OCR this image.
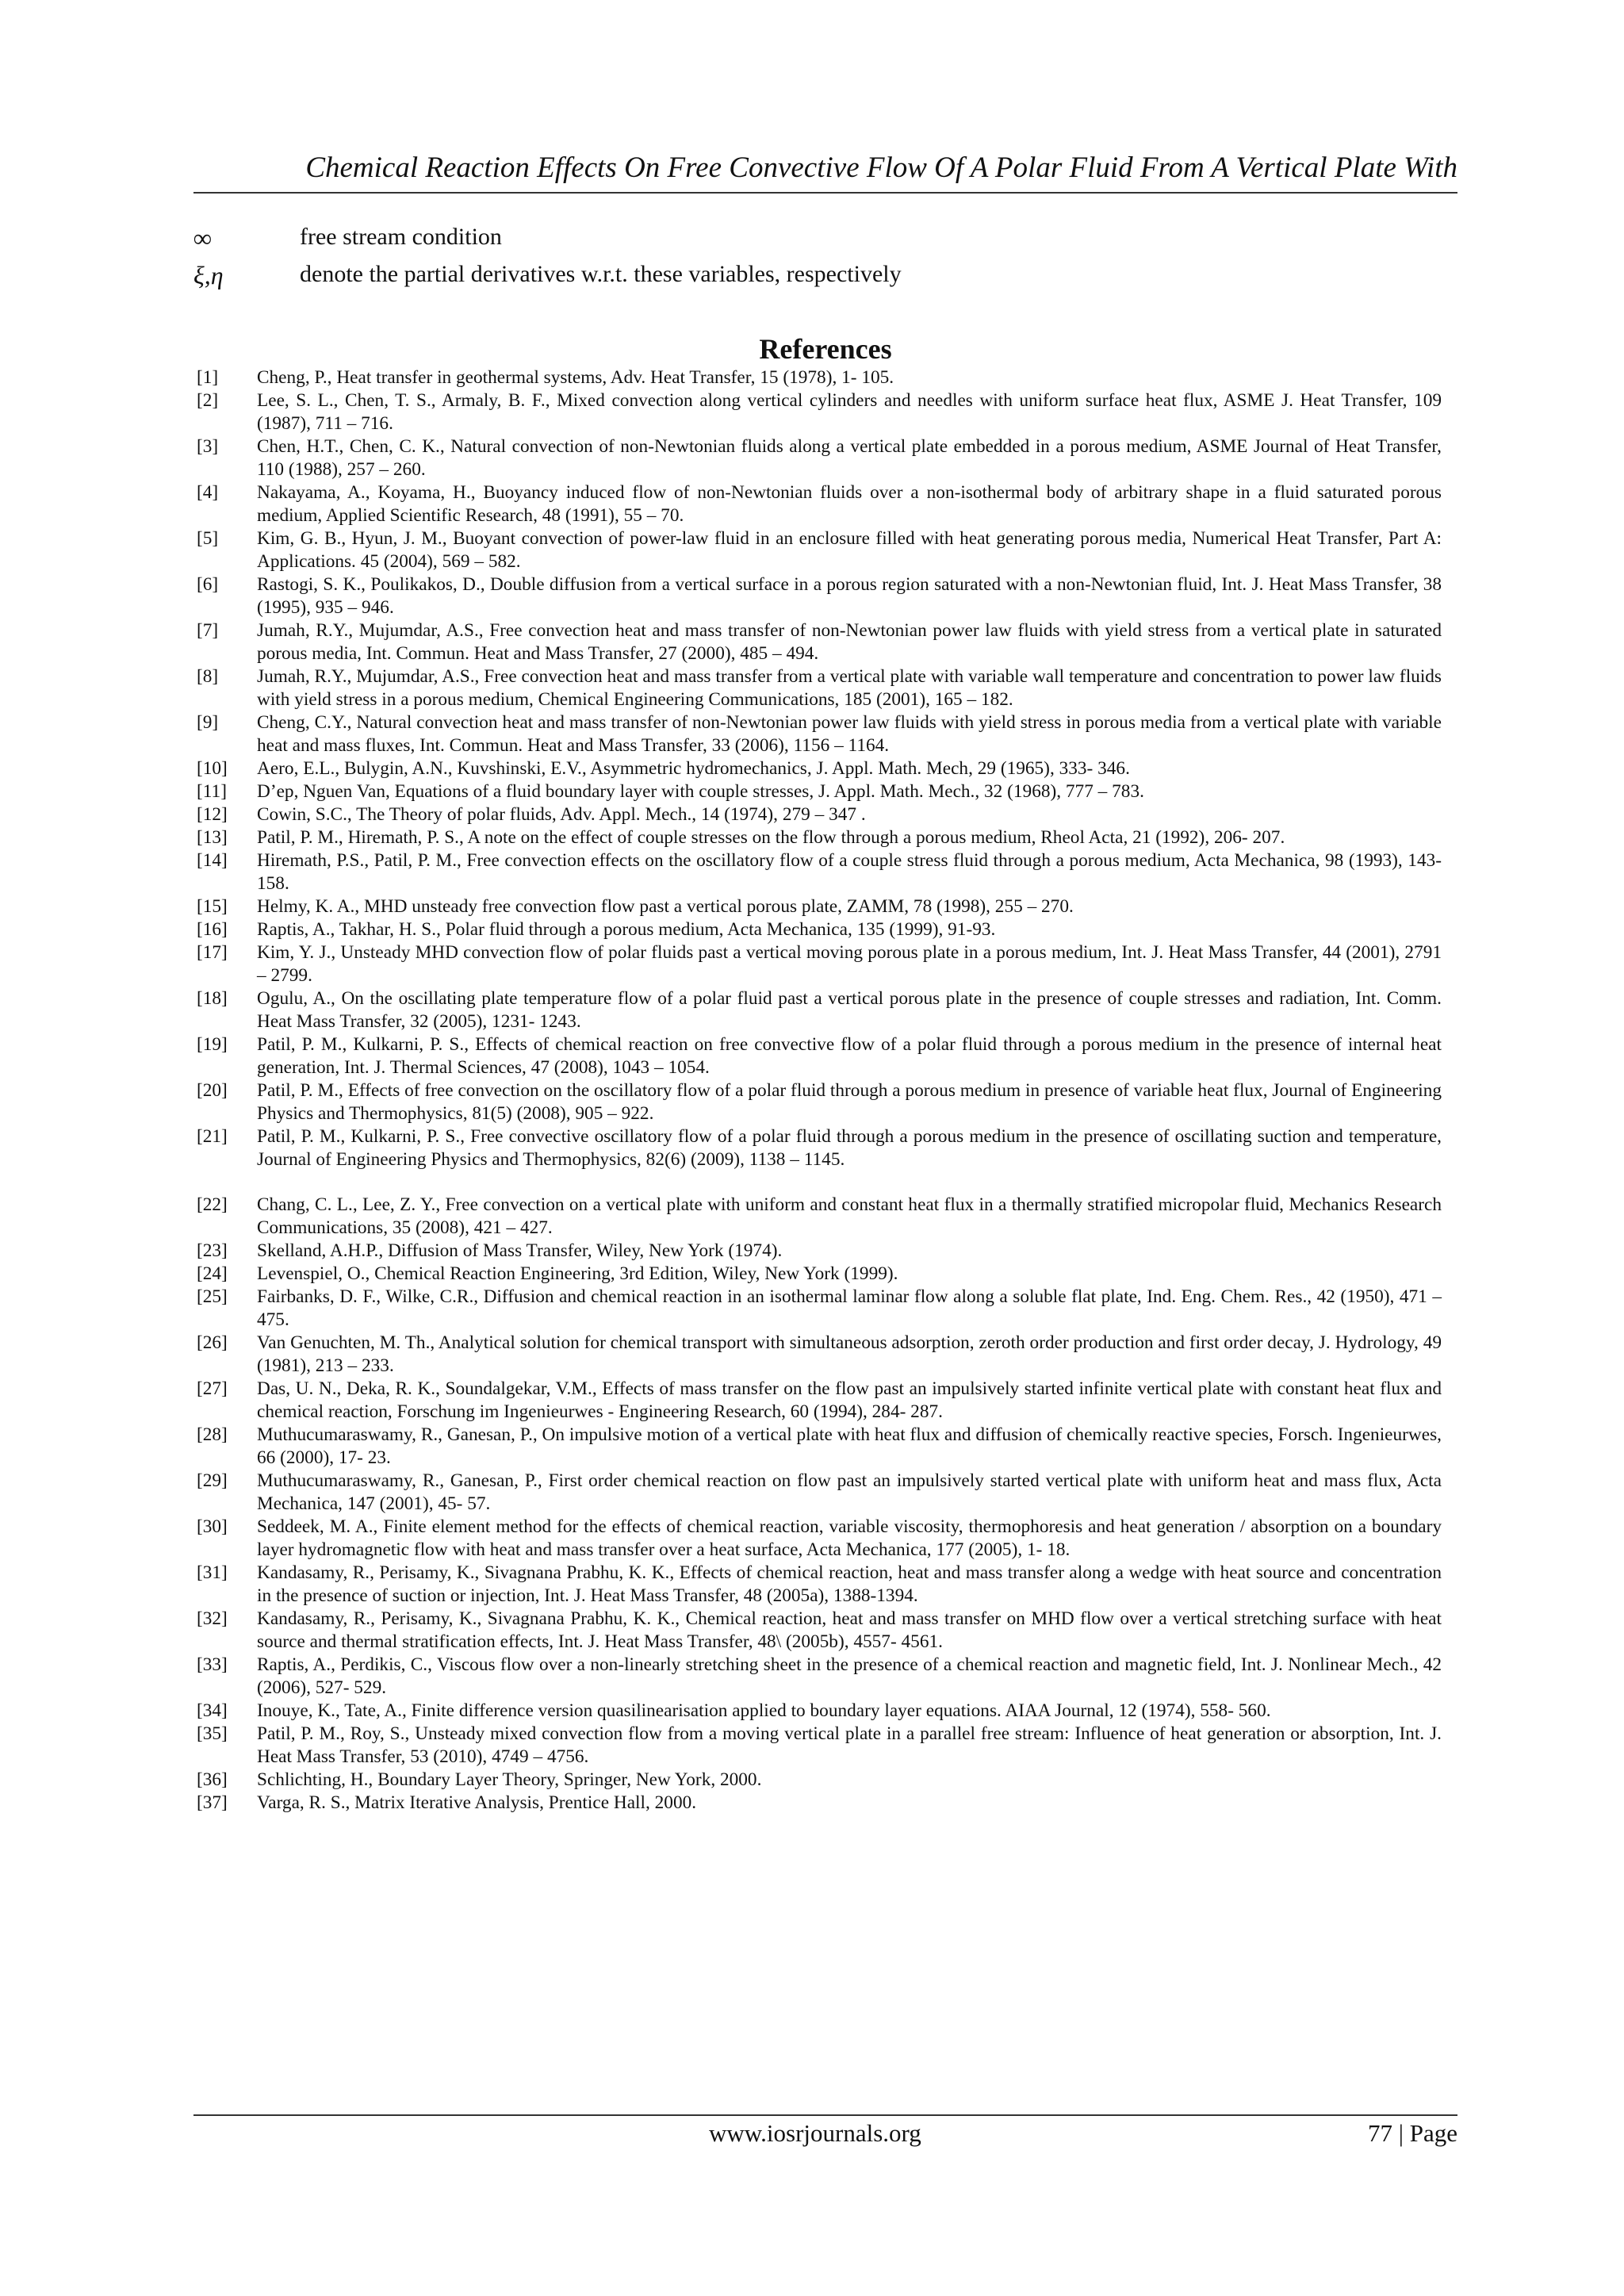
Chemical Reaction Effects On Free Convective Flow Of A Polar Fluid From A Vertical Plate With
∞	free stream condition
ξ,η	denote the partial derivatives w.r.t. these variables, respectively
References
[1]	Cheng, P., Heat transfer in geothermal systems, Adv. Heat Transfer, 15 (1978), 1- 105.
[2]	Lee, S. L., Chen, T. S., Armaly, B. F., Mixed convection along vertical cylinders and needles with uniform surface heat flux, ASME J. Heat Transfer, 109 (1987), 711 – 716.
[3]	Chen, H.T., Chen, C. K., Natural convection of non-Newtonian fluids along a vertical plate embedded in a porous medium, ASME Journal of Heat Transfer, 110 (1988), 257 – 260.
[4]	Nakayama, A., Koyama, H., Buoyancy induced flow of non-Newtonian fluids over a non-isothermal body of arbitrary shape in a fluid saturated porous medium, Applied Scientific Research, 48 (1991), 55 – 70.
[5]	Kim, G. B., Hyun, J. M., Buoyant convection of power-law fluid in an enclosure filled with heat generating porous media, Numerical Heat Transfer, Part A: Applications. 45 (2004), 569 – 582.
[6]	Rastogi, S. K., Poulikakos, D., Double diffusion from a vertical surface in a porous region saturated with a non-Newtonian fluid, Int. J. Heat Mass Transfer, 38 (1995), 935 – 946.
[7]	Jumah, R.Y., Mujumdar, A.S., Free convection heat and mass transfer of non-Newtonian power law fluids with yield stress from a vertical plate in saturated porous media, Int. Commun. Heat and Mass Transfer, 27 (2000), 485 – 494.
[8]	Jumah, R.Y., Mujumdar, A.S., Free convection heat and mass transfer from a vertical plate with variable wall temperature and concentration to power law fluids with yield stress in a porous medium, Chemical Engineering Communications, 185 (2001), 165 – 182.
[9]	Cheng, C.Y., Natural convection heat and mass transfer of non-Newtonian power law fluids with yield stress in porous media from a vertical plate with variable heat and mass fluxes, Int. Commun. Heat and Mass Transfer, 33 (2006), 1156 – 1164.
[10]	Aero, E.L., Bulygin, A.N., Kuvshinski, E.V., Asymmetric hydromechanics, J. Appl. Math. Mech, 29 (1965), 333- 346.
[11]	D’ep, Nguen Van, Equations of a fluid boundary layer with couple stresses, J. Appl. Math. Mech., 32 (1968), 777 – 783.
[12]	Cowin, S.C., The Theory of polar fluids, Adv. Appl. Mech., 14 (1974), 279 – 347 .
[13]	Patil, P. M., Hiremath, P. S., A note on the effect of couple stresses on the flow through a porous medium, Rheol Acta, 21 (1992), 206- 207.
[14]	Hiremath, P.S., Patil, P. M., Free convection effects on the oscillatory flow of a couple stress fluid through a porous medium, Acta Mechanica, 98 (1993), 143- 158.
[15]	Helmy, K. A., MHD unsteady free convection flow past a vertical porous plate, ZAMM, 78 (1998), 255 – 270.
[16]	Raptis, A., Takhar, H. S., Polar fluid through a porous medium, Acta Mechanica, 135 (1999), 91-93.
[17]	Kim, Y. J., Unsteady MHD convection flow of polar fluids past a vertical moving porous plate in a porous medium, Int. J. Heat Mass Transfer, 44 (2001), 2791 – 2799.
[18]	Ogulu, A., On the oscillating plate temperature flow of a polar fluid past a vertical porous plate in the presence of couple stresses and radiation, Int. Comm. Heat Mass Transfer, 32 (2005), 1231- 1243.
[19]	Patil, P. M., Kulkarni, P. S., Effects of chemical reaction on free convective flow of a polar fluid through a porous medium in the presence of internal heat generation, Int. J. Thermal Sciences, 47 (2008), 1043 – 1054.
[20]	Patil, P. M., Effects of free convection on the oscillatory flow of a polar fluid through a porous medium in presence of variable heat flux, Journal of Engineering Physics and Thermophysics, 81(5) (2008), 905 – 922.
[21]	Patil, P. M., Kulkarni, P. S., Free convective oscillatory flow of a polar fluid through a porous medium in the presence of oscillating suction and temperature, Journal of Engineering Physics and Thermophysics, 82(6) (2009), 1138 – 1145.
[22]	Chang, C. L., Lee, Z. Y., Free convection on a vertical plate with uniform and constant heat flux in a thermally stratified micropolar fluid, Mechanics Research Communications, 35 (2008), 421 – 427.
[23]	Skelland, A.H.P., Diffusion of Mass Transfer, Wiley, New York (1974).
[24]	Levenspiel, O., Chemical Reaction Engineering, 3rd Edition, Wiley, New York (1999).
[25]	Fairbanks, D. F., Wilke, C.R., Diffusion and chemical reaction in an isothermal laminar flow along a soluble flat plate, Ind. Eng. Chem. Res., 42 (1950), 471 – 475.
[26]	Van Genuchten, M. Th., Analytical solution for chemical transport with simultaneous adsorption, zeroth order production and first order decay, J. Hydrology, 49 (1981), 213 – 233.
[27]	Das, U. N., Deka, R. K., Soundalgekar, V.M., Effects of mass transfer on the flow past an impulsively started infinite vertical plate with constant heat flux and chemical reaction, Forschung im Ingenieurwes - Engineering Research, 60 (1994), 284- 287.
[28]	Muthucumaraswamy, R., Ganesan, P., On impulsive motion of a vertical plate with heat flux and diffusion of chemically reactive species, Forsch. Ingenieurwes, 66 (2000), 17- 23.
[29]	Muthucumaraswamy, R., Ganesan, P., First order chemical reaction on flow past an impulsively started vertical plate with uniform heat and mass flux, Acta Mechanica, 147 (2001), 45- 57.
[30]	Seddeek, M. A., Finite element method for the effects of chemical reaction, variable viscosity, thermophoresis and heat generation / absorption on a boundary layer hydromagnetic flow with heat and mass transfer over a heat surface, Acta Mechanica, 177 (2005), 1- 18.
[31]	Kandasamy, R., Perisamy, K., Sivagnana Prabhu, K. K., Effects of chemical reaction, heat and mass transfer along a wedge with heat source and concentration in the presence of suction or injection, Int. J. Heat Mass Transfer, 48 (2005a), 1388-1394.
[32]	Kandasamy, R., Perisamy, K., Sivagnana Prabhu, K. K., Chemical reaction, heat and mass transfer on MHD flow over a vertical stretching surface with heat source and thermal stratification effects, Int. J. Heat Mass Transfer, 48\ (2005b), 4557- 4561.
[33]	Raptis, A., Perdikis, C., Viscous flow over a non-linearly stretching sheet in the presence of a chemical reaction and magnetic field, Int. J. Nonlinear Mech., 42 (2006), 527- 529.
[34]	Inouye, K., Tate, A., Finite difference version quasilinearisation applied to boundary layer equations. AIAA Journal, 12 (1974), 558- 560.
[35]	Patil, P. M., Roy, S., Unsteady mixed convection flow from a moving vertical plate in a parallel free stream: Influence of heat generation or absorption, Int. J. Heat Mass Transfer, 53 (2010), 4749 – 4756.
[36]	Schlichting, H., Boundary Layer Theory, Springer, New York, 2000.
[37]	Varga, R. S., Matrix Iterative Analysis, Prentice Hall, 2000.
www.iosrjournals.org	77 | Page
